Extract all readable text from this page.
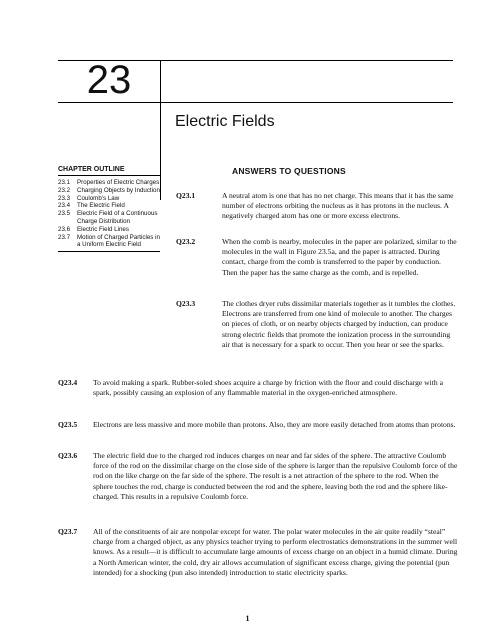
23
Electric Fields
CHAPTER OUTLINE
23.1	Properties of Electric Charges
23.2	Charging Objects by Induction
23.3	Coulomb’s Law
23.4	The Electric Field
23.5	Electric Field of a Continuous Charge Distribution
23.6	Electric Field Lines
23.7	Motion of Charged Particles in a Uniform Electric Field
ANSWERS TO QUESTIONS
Q23.1	A neutral atom is one that has no net charge. This means that it has the same number of electrons orbiting the nucleus as it has protons in the nucleus. A negatively charged atom has one or more excess electrons.
Q23.2	When the comb is nearby, molecules in the paper are polarized, similar to the molecules in the wall in Figure 23.5a, and the paper is attracted. During contact, charge from the comb is transferred to the paper by conduction. Then the paper has the same charge as the comb, and is repelled.
Q23.3	The clothes dryer rubs dissimilar materials together as it tumbles the clothes. Electrons are transferred from one kind of molecule to another. The charges on pieces of cloth, or on nearby objects charged by induction, can produce strong electric fields that promote the ionization process in the surrounding air that is necessary for a spark to occur. Then you hear or see the sparks.
Q23.4	To avoid making a spark. Rubber-soled shoes acquire a charge by friction with the floor and could discharge with a spark, possibly causing an explosion of any flammable material in the oxygen-enriched atmosphere.
Q23.5	Electrons are less massive and more mobile than protons. Also, they are more easily detached from atoms than protons.
Q23.6	The electric field due to the charged rod induces charges on near and far sides of the sphere. The attractive Coulomb force of the rod on the dissimilar charge on the close side of the sphere is larger than the repulsive Coulomb force of the rod on the like charge on the far side of the sphere. The result is a net attraction of the sphere to the rod. When the sphere touches the rod, charge is conducted between the rod and the sphere, leaving both the rod and the sphere like-charged. This results in a repulsive Coulomb force.
Q23.7	All of the constituents of air are nonpolar except for water. The polar water molecules in the air quite readily “steal” charge from a charged object, as any physics teacher trying to perform electrostatics demonstrations in the summer well knows. As a result—it is difficult to accumulate large amounts of excess charge on an object in a humid climate. During a North American winter, the cold, dry air allows accumulation of significant excess charge, giving the potential (pun intended) for a shocking (pun also intended) introduction to static electricity sparks.
1
